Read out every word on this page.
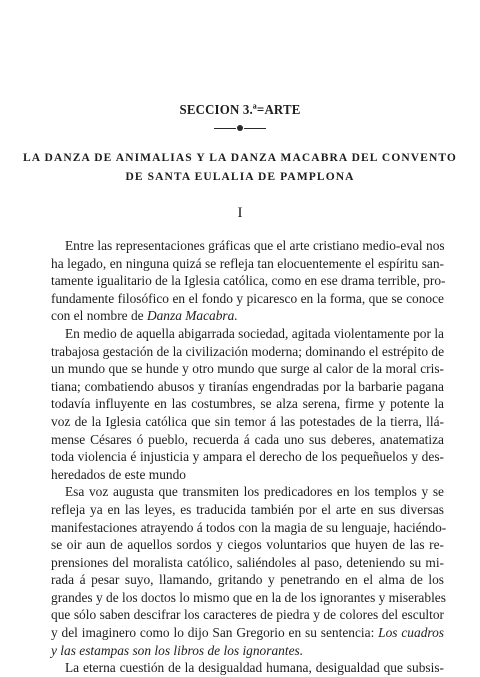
SECCION 3.ª=ARTE
LA DANZA DE ANIMALIAS Y LA DANZA MACABRA DEL CONVENTO
DE SANTA EULALIA DE PAMPLONA
I
Entre las representaciones gráficas que el arte cristiano medio-eval nos
ha legado, en ninguna quizá se refleja tan elocuentemente el espíritu san-
tamente igualitario de la Iglesia católica, como en ese drama terrible, pro-
fundamente filosófico en el fondo y picaresco en la forma, que se conoce
con el nombre de Danza Macabra.
En medio de aquella abigarrada sociedad, agitada violentamente por la
trabajosa gestación de la civilización moderna; dominando el estrépito de
un mundo que se hunde y otro mundo que surge al calor de la moral cris-
tiana; combatiendo abusos y tiranías engendradas por la barbarie pagana
todavía influyente en las costumbres, se alza serena, firme y potente la
voz de la Iglesia católica que sin temor á las potestades de la tierra, llá-
mense Césares ó pueblo, recuerda á cada uno sus deberes, anatematiza
toda violencia é injusticia y ampara el derecho de los pequeñuelos y des-
heredados de este mundo
Esa voz augusta que transmiten los predicadores en los templos y se
refleja ya en las leyes, es traducida también por el arte en sus diversas
manifestaciones atrayendo á todos con la magia de su lenguaje, haciéndo-
se oir aun de aquellos sordos y ciegos voluntarios que huyen de las re-
prensiones del moralista católico, saliéndoles al paso, deteniendo su mi-
rada á pesar suyo, llamando, gritando y penetrando en el alma de los
grandes y de los doctos lo mismo que en la de los ignorantes y miserables
que sólo saben descifrar los caracteres de piedra y de colores del escultor
y del imaginero como lo dijo San Gregorio en su sentencia: Los cuadros
y las estampas son los libros de los ignorantes.
La eterna cuestión de la desigualdad humana, desigualdad que subsis-
